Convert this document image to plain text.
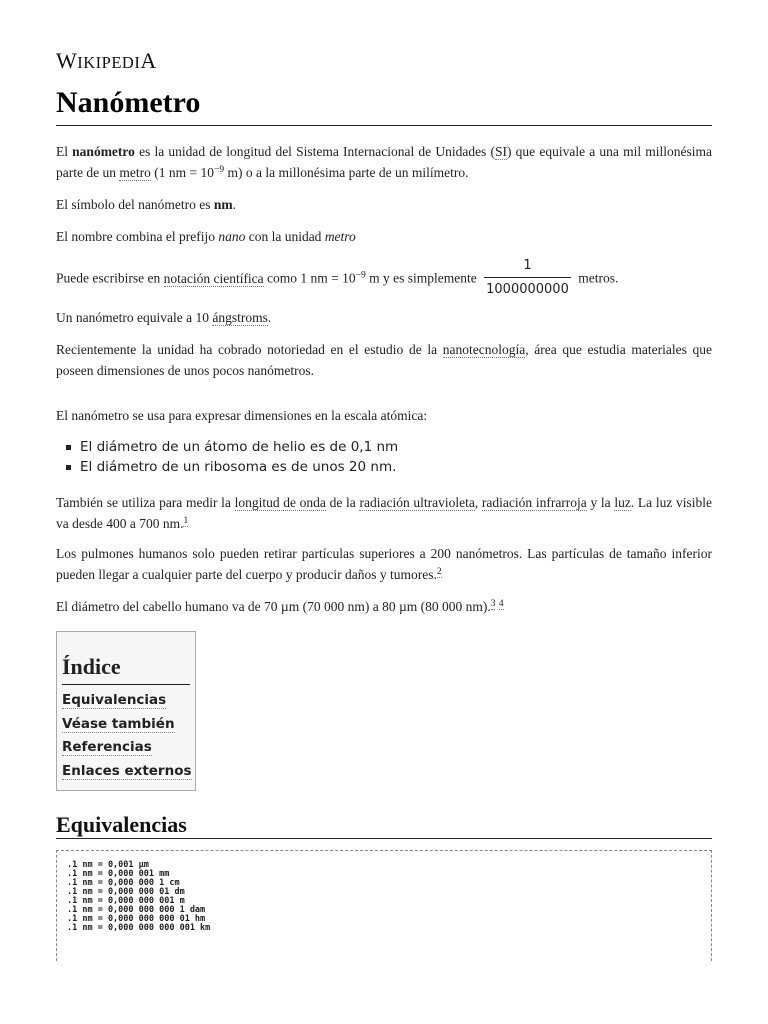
WIKIPEDIA
Nanómetro

El nanómetro es la unidad de longitud del Sistema Internacional de Unidades (SI) que equivale a una mil millonésima parte de un metro (1 nm = $10^{-9}$ m) o a la millonésima parte de un milímetro.

El símbolo del nanómetro es nm.

El nombre combina el prefijo nano con la unidad metro

Puede escribirse en notación científica como 1 nm = $10^{-9}$ m y es simplemente $\frac{1}{1000000000}$ metros.

Un nanómetro equivale a 10 ángstroms.

Recientemente la unidad ha cobrado notoriedad en el estudio de la nanotecnología, área que estudia materiales que poseen dimensiones de unos pocos nanómetros.

El nanómetro se usa para expresar dimensiones en la escala atómica:

El diámetro de un átomo de helio es de 0,1 nm
El diámetro de un ribosoma es de unos 20 nm.

También se utiliza para medir la longitud de onda de la radiación ultravioleta, radiación infrarroja y la luz. La luz visible va desde 400 a 700 nm.$^1$

Los pulmones humanos solo pueden retirar partículas superiores a 200 nanómetros. Las partículas de tamaño inferior pueden llegar a cualquier parte del cuerpo y producir daños y tumores.$^2$

El diámetro del cabello humano va de 70 µm (70 000 nm) a 80 µm (80 000 nm).$^3$ $^4$

Índice
Equivalencias
Véase también
Referencias
Enlaces externos
Equivalencias
.1 nm = 0,001 µm
.1 nm = 0,000 001 mm
.1 nm = 0,000 000 1 cm
.1 nm = 0,000 000 01 dm
.1 nm = 0,000 000 001 m
.1 nm = 0,000 000 000 1 dam
.1 nm = 0,000 000 000 01 hm
.1 nm = 0,000 000 000 001 km
